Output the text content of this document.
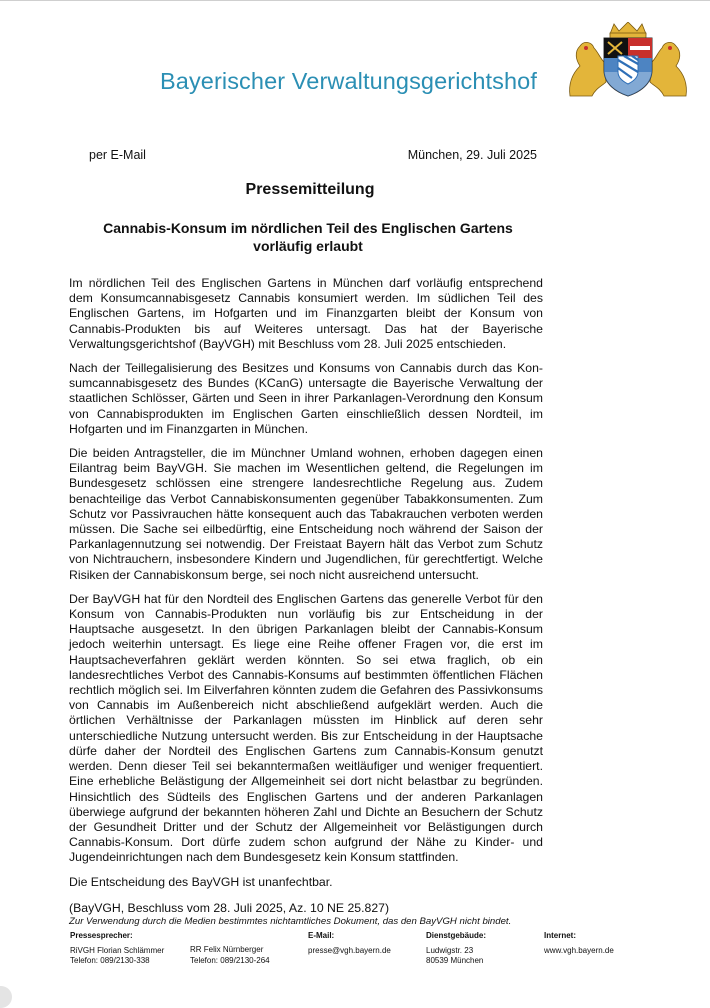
Bayerischer Verwaltungsgerichtshof
per E-Mail	München, 29. Juli 2025
Pressemitteilung
Cannabis-Konsum im nördlichen Teil des Englischen Gartens vorläufig erlaubt

Im nördlichen Teil des Englischen Gartens in München darf vorläufig entsprechend dem Konsumcannabisgesetz Cannabis konsumiert werden. Im südlichen Teil des Englischen Gartens, im Hofgarten und im Finanzgarten bleibt der Konsum von Cannabis-Produkten bis auf Weiteres untersagt. Das hat der Bayerische Verwaltungsgerichtshof (BayVGH) mit Beschluss vom 28. Juli 2025 entschieden.

Nach der Teillegalisierung des Besitzes und Konsums von Cannabis durch das Konsumcannabisgesetz des Bundes (KCanG) untersagte die Bayerische Verwaltung der staatlichen Schlösser, Gärten und Seen in ihrer Parkanlagen-Verordnung den Konsum von Cannabisprodukten im Englischen Garten einschließlich dessen Nordteil, im Hofgarten und im Finanzgarten in München.

Die beiden Antragsteller, die im Münchner Umland wohnen, erhoben dagegen einen Eilantrag beim BayVGH. Sie machen im Wesentlichen geltend, die Regelungen im Bundesgesetz schlössen eine strengere landesrechtliche Regelung aus. Zudem benachteilige das Verbot Cannabiskonsumenten gegenüber Tabakkonsumenten. Zum Schutz vor Passivrauchen hätte konsequent auch das Tabakrauchen verboten werden müssen. Die Sache sei eilbedürftig, eine Entscheidung noch während der Saison der Parkanlagennutzung sei notwendig. Der Freistaat Bayern hält das Verbot zum Schutz von Nichtrauchern, insbesondere Kindern und Jugendlichen, für gerechtfertigt. Welche Risiken der Cannabiskonsum berge, sei noch nicht ausreichend untersucht.

Der BayVGH hat für den Nordteil des Englischen Gartens das generelle Verbot für den Konsum von Cannabis-Produkten nun vorläufig bis zur Entscheidung in der Hauptsache ausgesetzt. In den übrigen Parkanlagen bleibt der Cannabis-Konsum jedoch weiterhin untersagt. Es liege eine Reihe offener Fragen vor, die erst im Hauptsacheverfahren geklärt werden könnten. So sei etwa fraglich, ob ein landesrechtliches Verbot des Cannabis-Konsums auf bestimmten öffentlichen Flächen rechtlich möglich sei. Im Eilverfahren könnten zudem die Gefahren des Passivkonsums von Cannabis im Außenbereich nicht abschließend aufgeklärt werden. Auch die örtlichen Verhältnisse der Parkanlagen müssten im Hinblick auf deren sehr unterschiedliche Nutzung untersucht werden. Bis zur Entscheidung in der Hauptsache dürfe daher der Nordteil des Englischen Gartens zum Cannabis-Konsum genutzt werden. Denn dieser Teil sei bekanntermaßen weitläufiger und weniger frequentiert. Eine erhebliche Belästigung der Allgemeinheit sei dort nicht belastbar zu begründen. Hinsichtlich des Südteils des Englischen Gartens und der anderen Parkanlagen überwiege aufgrund der bekannten höheren Zahl und Dichte an Besuchern der Schutz der Gesundheit Dritter und der Schutz der Allgemeinheit vor Belästigungen durch Cannabis-Konsum. Dort dürfe zudem schon aufgrund der Nähe zu Kinder- und Jugendeinrichtungen nach dem Bundesgesetz kein Konsum stattfinden.

Die Entscheidung des BayVGH ist unanfechtbar.

(BayVGH, Beschluss vom 28. Juli 2025, Az. 10 NE 25.827)

Zur Verwendung durch die Medien bestimmtes nichtamtliches Dokument, das den BayVGH nicht bindet.

Pressesprecher:
RiVGH Florian Schlämmer
Telefon: 089/2130-338
RR Felix Nürnberger
Telefon: 089/2130-264
E-Mail:
presse@vgh.bayern.de
Dienstgebäude:
Ludwigstr. 23
80539 München
Internet:
www.vgh.bayern.de
